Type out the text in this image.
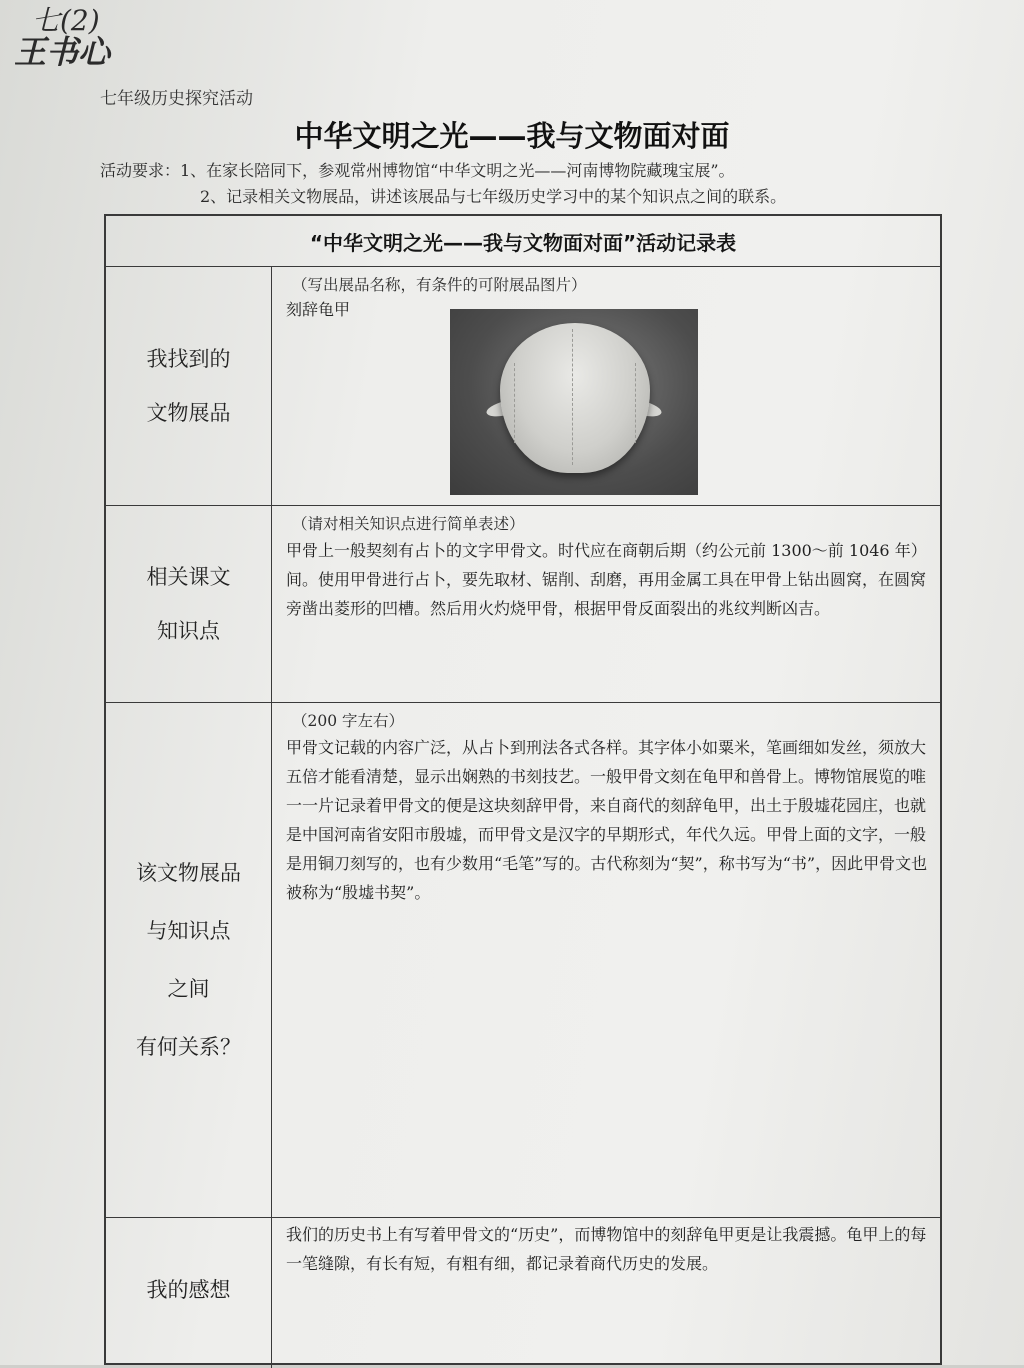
七(2)
王书心
七年级历史探究活动
中华文明之光——我与文物面对面
活动要求：1、在家长陪同下，参观常州博物馆“中华文明之光——河南博物院藏瑰宝展”。
2、记录相关文物展品，讲述该展品与七年级历史学习中的某个知识点之间的联系。
“中华文明之光——我与文物面对面”活动记录表
我找到的
文物展品
（写出展品名称，有条件的可附展品图片）
刻辞龟甲
相关课文
知识点
（请对相关知识点进行简单表述）
甲骨上一般契刻有占卜的文字甲骨文。时代应在商朝后期（约公元前 1300～前 1046 年）间。使用甲骨进行占卜，要先取材、锯削、刮磨，再用金属工具在甲骨上钻出圆窝，在圆窝旁凿出菱形的凹槽。然后用火灼烧甲骨，根据甲骨反面裂出的兆纹判断凶吉。
该文物展品
与知识点
之间
有何关系？
（200 字左右）
甲骨文记载的内容广泛，从占卜到刑法各式各样。其字体小如粟米，笔画细如发丝，须放大五倍才能看清楚，显示出娴熟的书刻技艺。一般甲骨文刻在龟甲和兽骨上。博物馆展览的唯一一片记录着甲骨文的便是这块刻辞甲骨，来自商代的刻辞龟甲，出土于殷墟花园庄，也就是中国河南省安阳市殷墟，而甲骨文是汉字的早期形式，年代久远。甲骨上面的文字，一般是用铜刀刻写的，也有少数用“毛笔”写的。古代称刻为“契”，称书写为“书”，因此甲骨文也被称为“殷墟书契”。
我的感想
我们的历史书上有写着甲骨文的“历史”，而博物馆中的刻辞龟甲更是让我震撼。龟甲上的每一笔缝隙，有长有短，有粗有细，都记录着商代历史的发展。
